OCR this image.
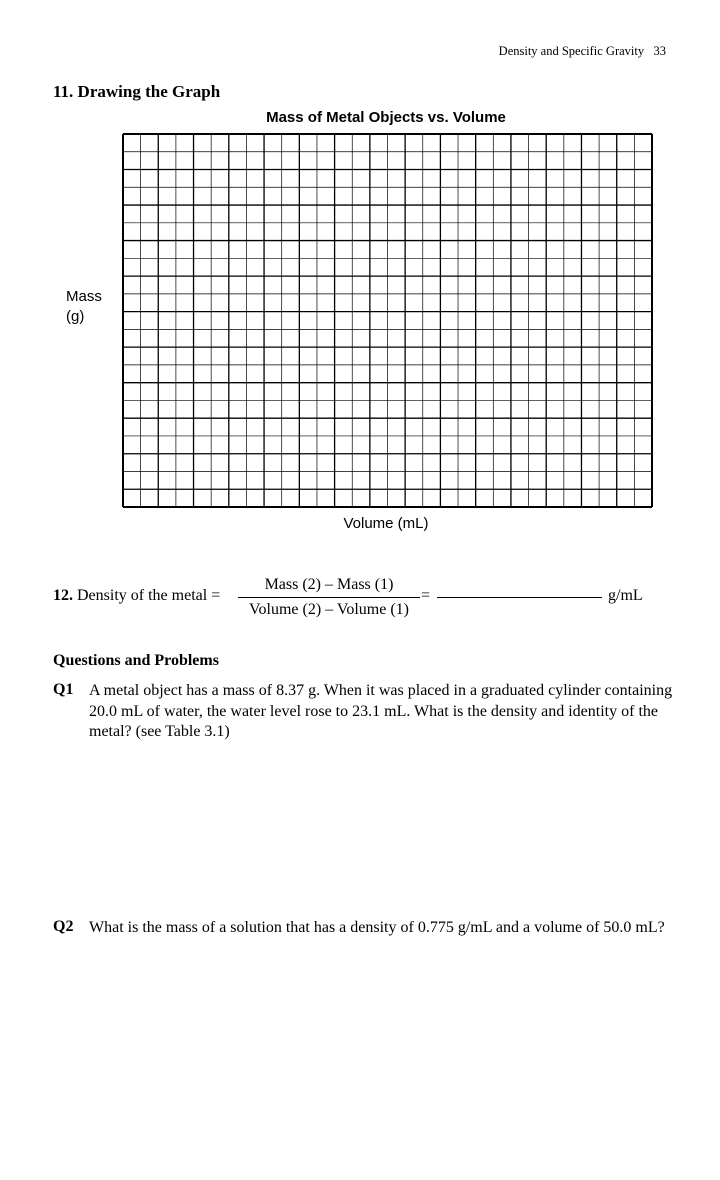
Density and Specific Gravity 33
11. Drawing the Graph
Mass of Metal Objects vs. Volume
Mass
(g)
Volume (mL)
12. Density of the metal =
Mass (2) – Mass (1)
Volume (2) – Volume (1)
=	g/mL
Questions and Problems
Q1 A metal object has a mass of 8.37 g. When it was placed in a graduated cylinder containing 20.0 mL of water, the water level rose to 23.1 mL. What is the density and identity of the metal? (see Table 3.1)
Q2 What is the mass of a solution that has a density of 0.775 g/mL and a volume of 50.0 mL?
